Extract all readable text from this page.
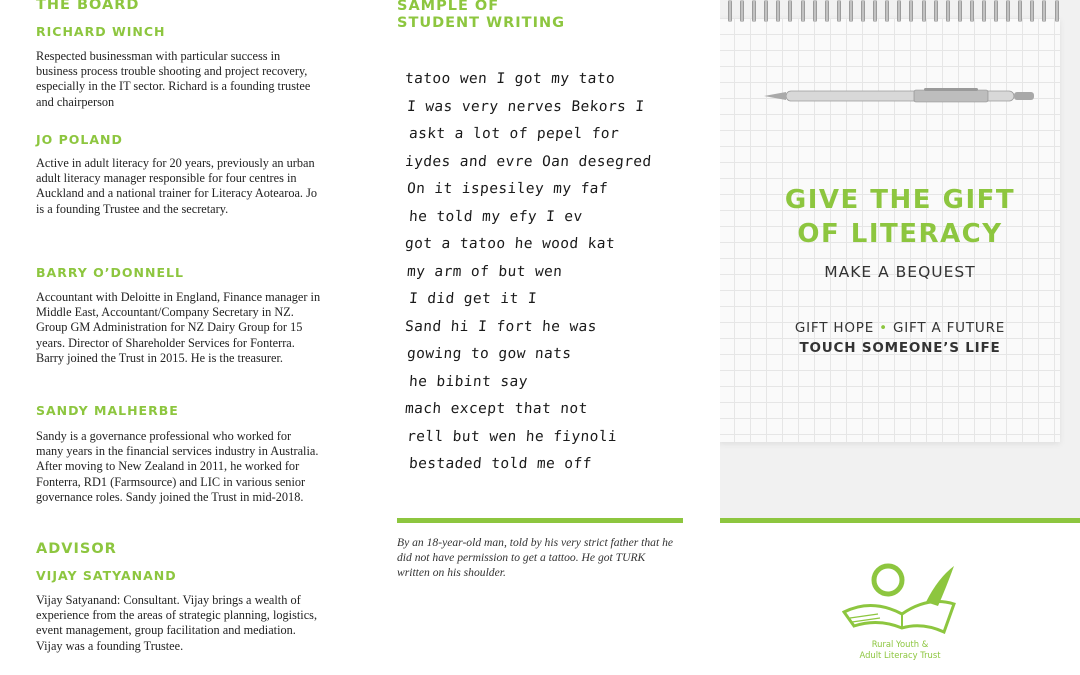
THE BOARD
RICHARD WINCH

Respected businessman with particular success in business process trouble shooting and project recovery, especially in the IT sector. Richard is a founding trustee and chairperson

JO POLAND

Active in adult literacy for 20 years, previously an urban adult literacy manager responsible for four centres in Auckland and a national trainer for Literacy Aotearoa. Jo is a founding Trustee and the secretary.

BARRY O’DONNELL

Accountant with Deloitte in England, Finance manager in Middle East, Accountant/Company Secretary in NZ. Group GM Administration for NZ Dairy Group for 15 years. Director of Shareholder Services for Fonterra. Barry joined the Trust in 2015. He is the treasurer.

SANDY MALHERBE

Sandy is a governance professional who worked for many years in the financial services industry in Australia. After moving to New Zealand in 2011, he worked for Fonterra, RD1 (Farmsource) and LIC in various senior governance roles. Sandy joined the Trust in mid-2018.

ADVISOR
VIJAY SATYANAND

Vijay Satyanand: Consultant. Vijay brings a wealth of experience from the areas of strategic planning, logistics, event management, group facilitation and mediation. Vijay was a founding Trustee.

SAMPLE OF
STUDENT WRITING
tatoo wen I got my tato
I was very nerves Bekors I
askt a lot of pepel for
iydes and evre Oan desegred
On it ispesiley my faf
he told my efy I ev
got a tatoo he wood kat
my arm of but wen
I did get it I
Sand hi I fort he was
gowing to gow nats
he bibint say
mach except that not
rell but wen he fiynoli
bestaded told me off

By an 18-year-old man, told by his very strict father that he did not have permission to get a tattoo. He got TURK written on his shoulder.

GIVE THE GIFT
OF LITERACY

MAKE A BEQUEST

GIFT HOPE • GIFT A FUTURE

TOUCH SOMEONE’S LIFE

Rural Youth &

Adult Literacy Trust
